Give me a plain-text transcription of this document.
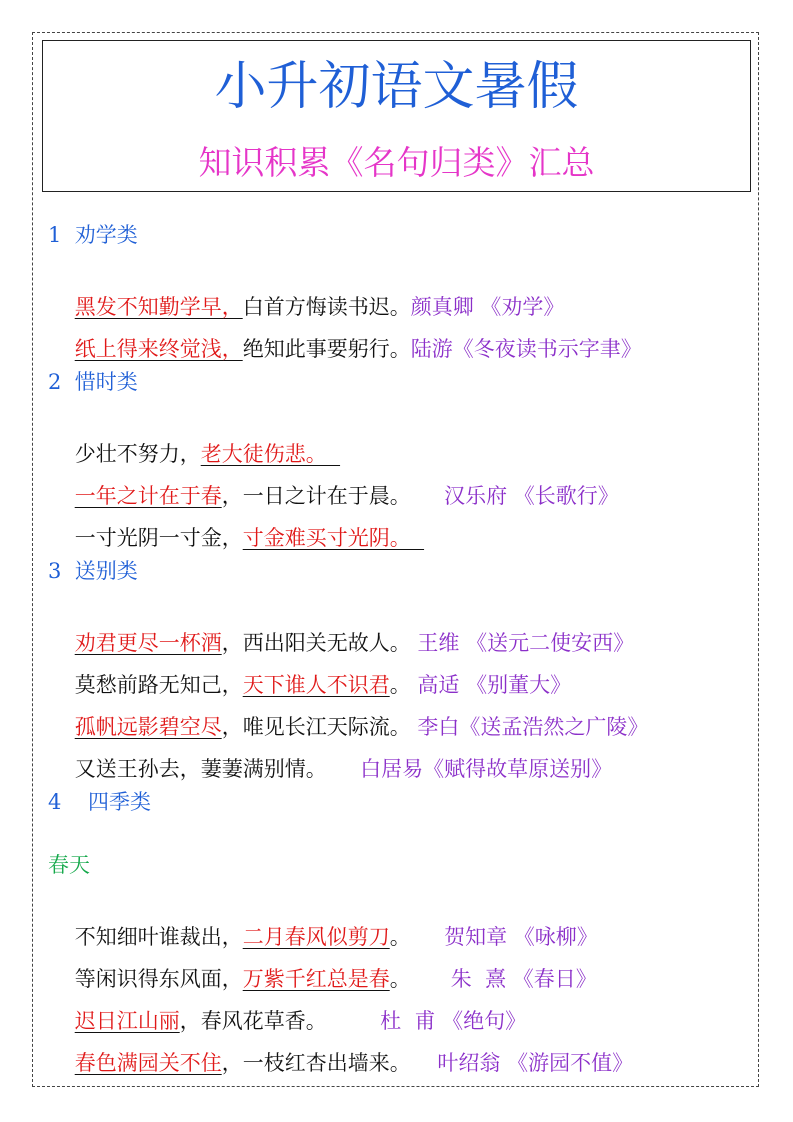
小升初语文暑假
知识积累《名句归类》汇总
1  劝学类

黑发不知勤学早，白首方悔读书迟。颜真卿 《劝学》

纸上得来终觉浅，绝知此事要躬行。陆游《冬夜读书示字聿》

2  惜时类

少壮不努力，老大徒伤悲。

一年之计在于春，一日之计在于晨。     汉乐府 《长歌行》

一寸光阴一寸金，寸金难买寸光阴。

3  送别类

劝君更尽一杯酒，西出阳关无故人。 王维 《送元二使安西》

莫愁前路无知己，天下谁人不识君。 高适 《别董大》

孤帆远影碧空尽，唯见长江天际流。 李白《送孟浩然之广陵》

又送王孙去，萋萋满别情。     白居易《赋得故草原送别》

4    四季类
春天

不知细叶谁裁出，二月春风似剪刀。     贺知章 《咏柳》

等闲识得东风面，万紫千红总是春。      朱  熹 《春日》

迟日江山丽，春风花草香。        杜  甫 《绝句》

春色满园关不住，一枝红杏出墙来。    叶绍翁 《游园不值》
